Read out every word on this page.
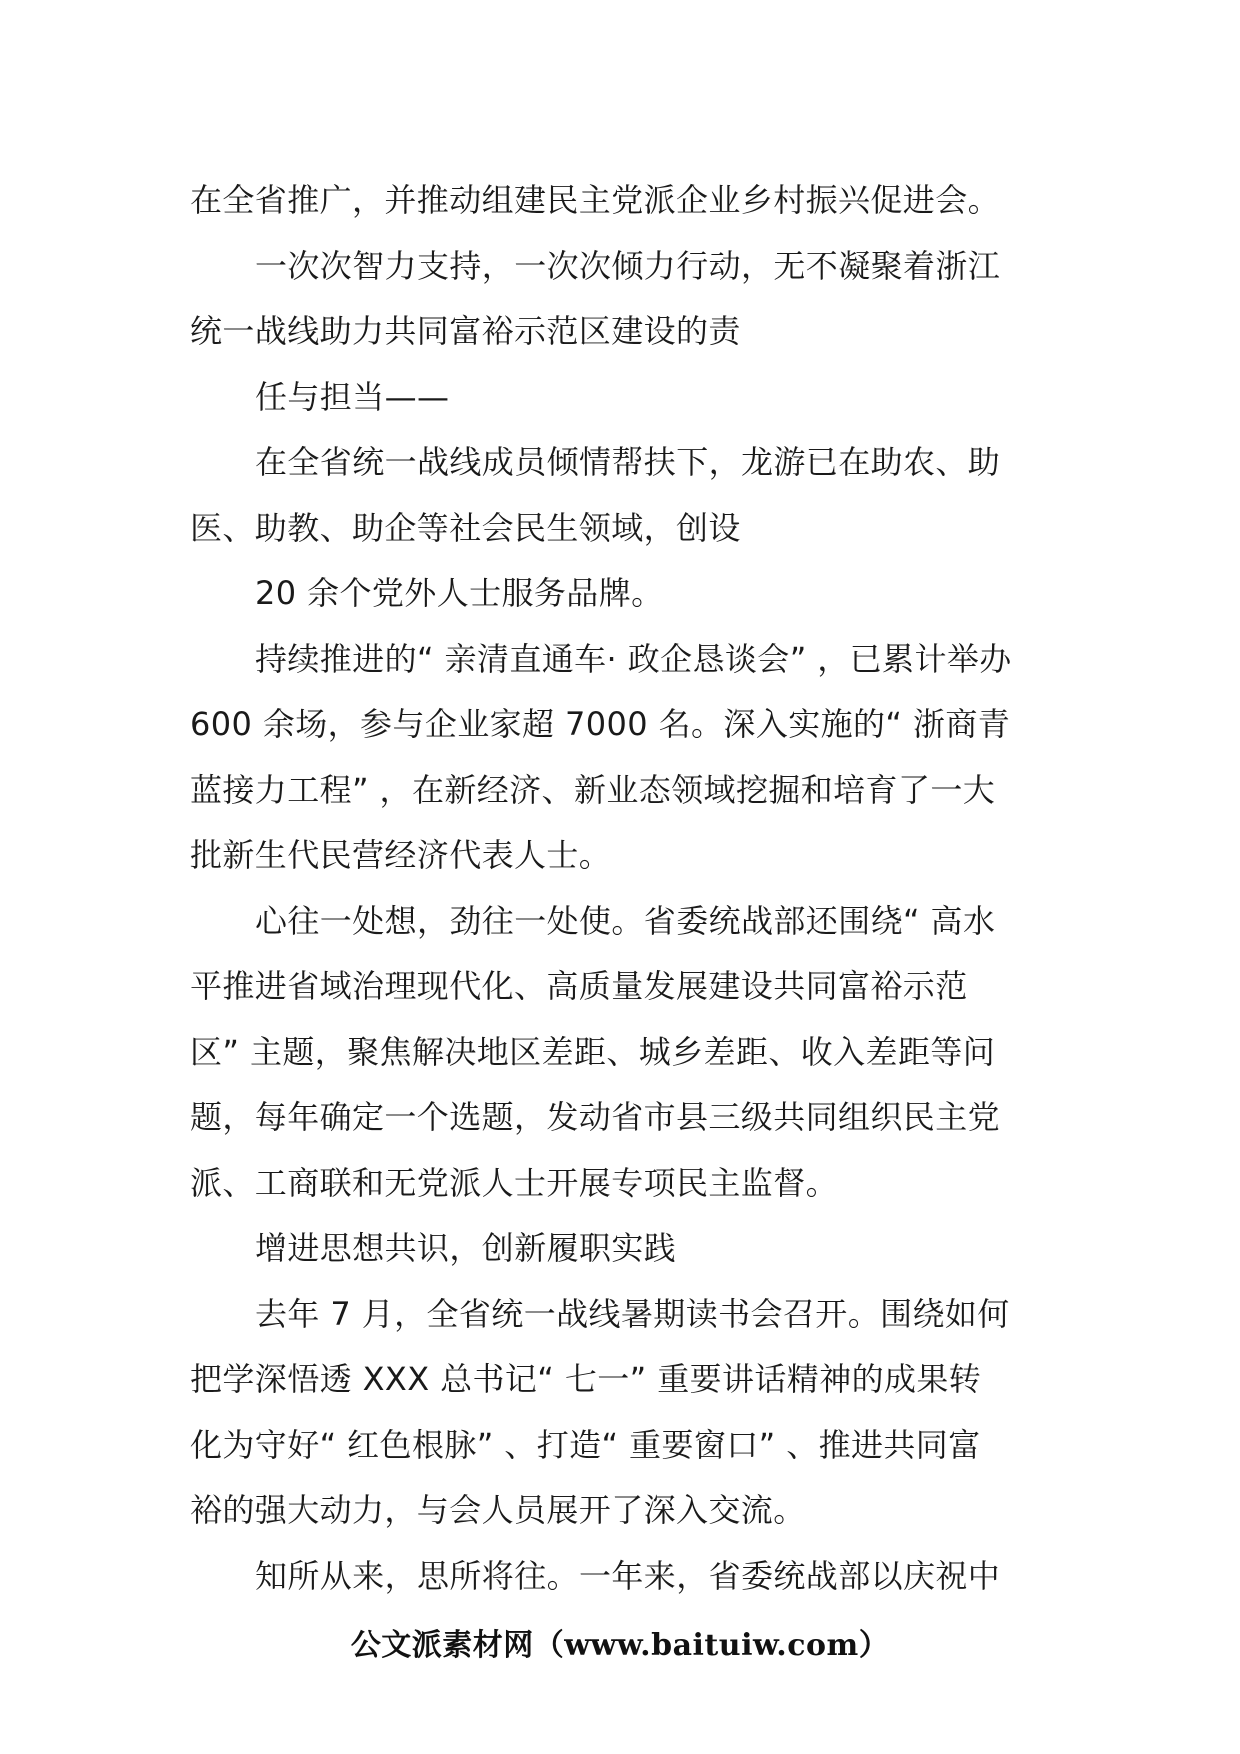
在全省推广，并推动组建民主党派企业乡村振兴促进会。
一次次智力支持，一次次倾力行动，无不凝聚着浙江
统一战线助力共同富裕示范区建设的责
任与担当——
在全省统一战线成员倾情帮扶下，龙游已在助农、助
医、助教、助企等社会民生领域，创设
20 余个党外人士服务品牌。
持续推进的“ 亲清直通车· 政企恳谈会” ，已累计举办
600 余场，参与企业家超 7000 名。深入实施的“ 浙商青
蓝接力工程” ，在新经济、新业态领域挖掘和培育了一大
批新生代民营经济代表人士。
心往一处想，劲往一处使。省委统战部还围绕“ 高水
平推进省域治理现代化、高质量发展建设共同富裕示范
区” 主题，聚焦解决地区差距、城乡差距、收入差距等问
题，每年确定一个选题，发动省市县三级共同组织民主党
派、工商联和无党派人士开展专项民主监督。
增进思想共识，创新履职实践
去年 7 月，全省统一战线暑期读书会召开。围绕如何
把学深悟透 XXX 总书记“ 七一” 重要讲话精神的成果转
化为守好“ 红色根脉” 、打造“ 重要窗口” 、推进共同富
裕的强大动力，与会人员展开了深入交流。
知所从来，思所将往。一年来，省委统战部以庆祝中
公文派素材网（www.baituiw.com）
